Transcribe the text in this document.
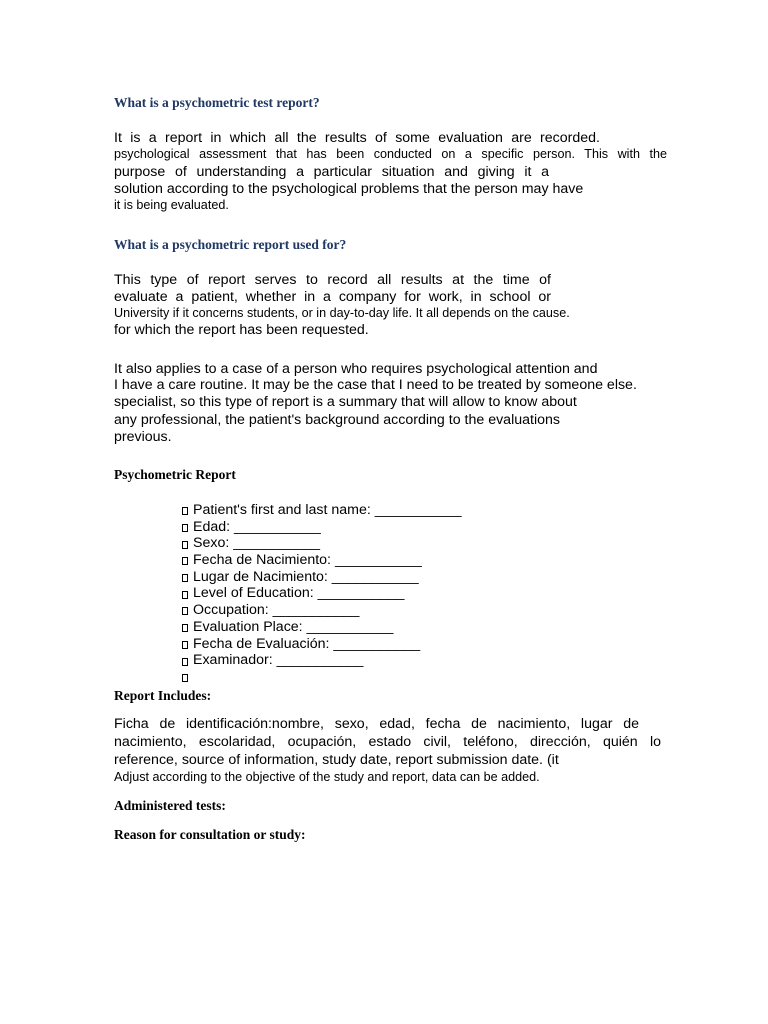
What is a psychometric test report?
It is a report in which all the results of some evaluation are recorded.
psychological assessment that has been conducted on a specific person. This with the
purpose of understanding a particular situation and giving it a
solution according to the psychological problems that the person may have
it is being evaluated.
What is a psychometric report used for?
This type of report serves to record all results at the time of
evaluate a patient, whether in a company for work, in school or
University if it concerns students, or in day-to-day life. It all depends on the cause.
for which the report has been requested.
It also applies to a case of a person who requires psychological attention and
I have a care routine. It may be the case that I need to be treated by someone else.
specialist, so this type of report is a summary that will allow to know about
any professional, the patient's background according to the evaluations
previous.
Psychometric Report
Patient's first and last name: ___________
Edad: ___________
Sexo: ___________
Fecha de Nacimiento: ___________
Lugar de Nacimiento: ___________
Level of Education: ___________
Occupation: ___________
Evaluation Place: ___________
Fecha de Evaluación: ___________
Examinador: ___________
Report Includes:
Ficha de identificación:nombre, sexo, edad, fecha de nacimiento, lugar de
nacimiento, escolaridad, ocupación, estado civil, teléfono, dirección, quién lo
reference, source of information, study date, report submission date. (it
Adjust according to the objective of the study and report, data can be added.
Administered tests:
Reason for consultation or study:
